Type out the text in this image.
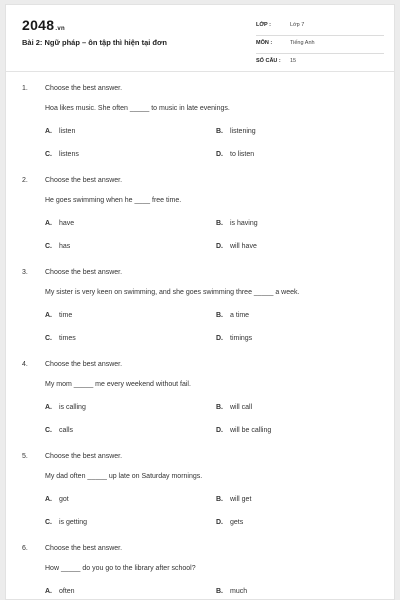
2048.vn
Bài 2: Ngữ pháp – ôn tập thì hiện tại đơn
LỚP :	Lớp 7
MÔN :	Tiếng Anh
SỐ CÂU : 15
1. Choose the best answer.
Hoa likes music. She often _____ to music in late evenings.
A. listen	B. listening
C. listens	D. to listen
2. Choose the best answer.
He goes swimming when he ____ free time.
A. have	B. is having
C. has	D. will have
3. Choose the best answer.
My sister is very keen on swimming, and she goes swimming three _____ a week.
A. time	B. a time
C. times	D. timings
4. Choose the best answer.
My mom _____ me every weekend without fail.
A. is calling	B. will call
C. calls	D. will be calling
5. Choose the best answer.
My dad often _____ up late on Saturday mornings.
A. got	B. will get
C. is getting	D. gets
6. Choose the best answer.
How _____ do you go to the library after school?
A. often	B. much
